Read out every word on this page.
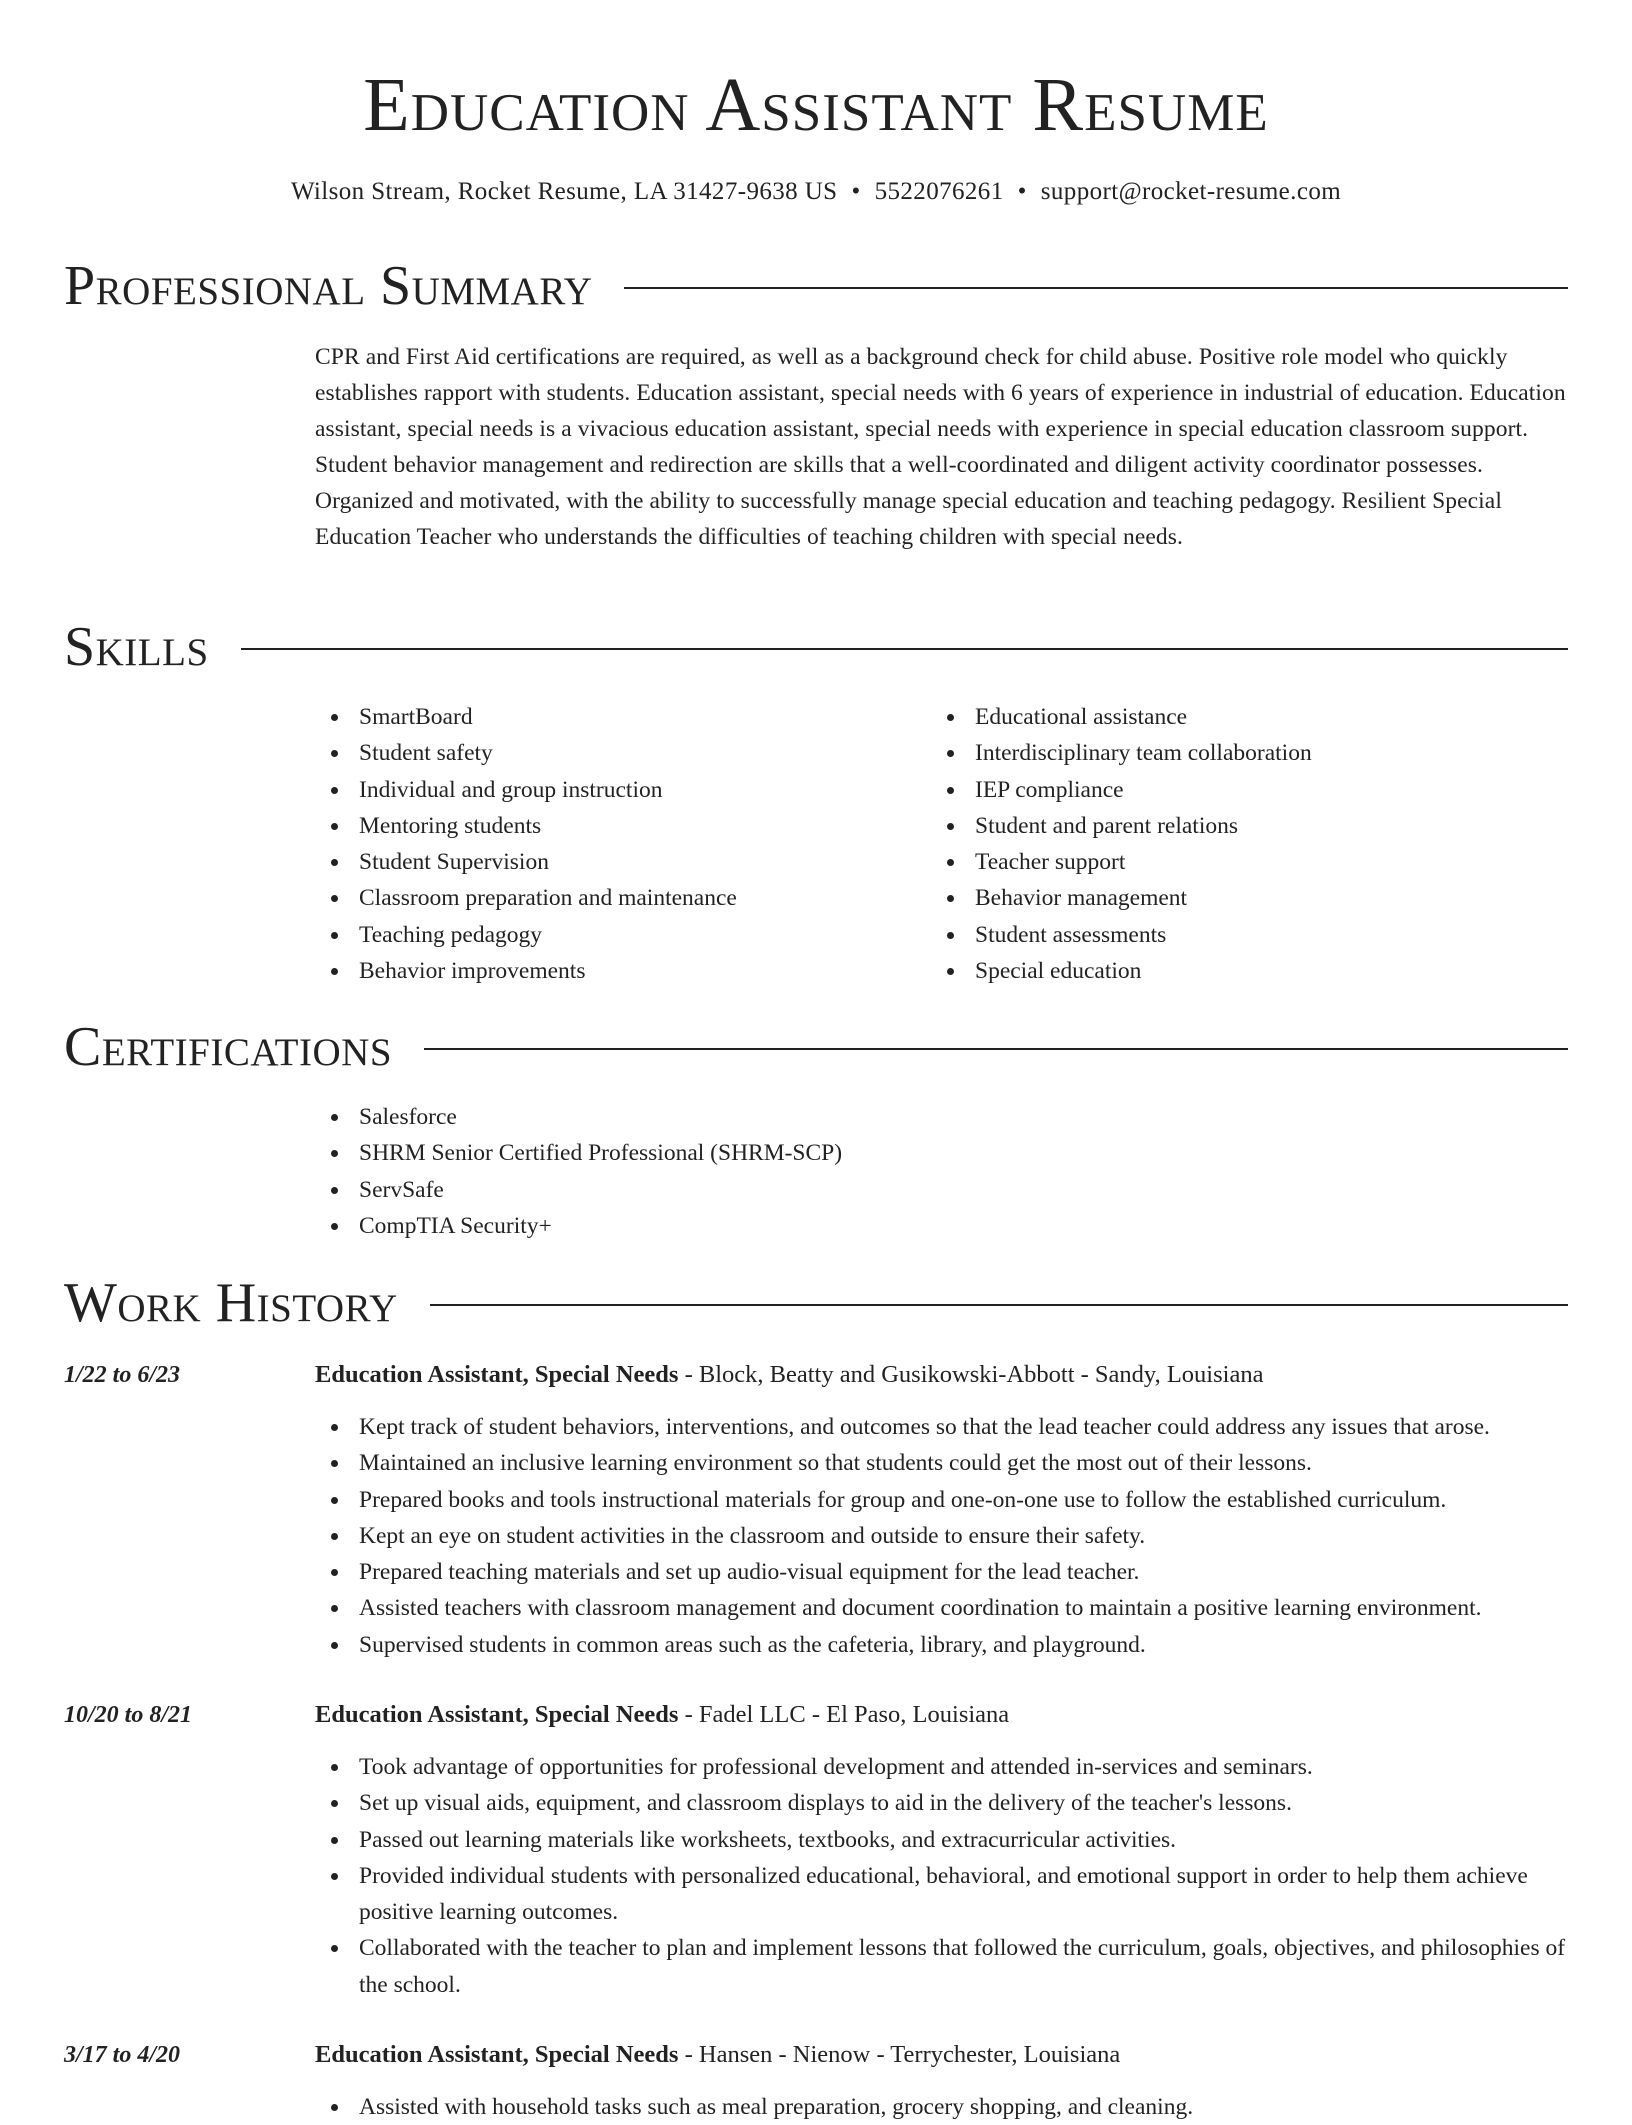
Education Assistant Resume
Wilson Stream, Rocket Resume, LA 31427-9638 US • 5522076261 • support@rocket-resume.com
Professional Summary

CPR and First Aid certifications are required, as well as a background check for child abuse. Positive role model who quickly establishes rapport with students. Education assistant, special needs with 6 years of experience in industrial of education. Education assistant, special needs is a vivacious education assistant, special needs with experience in special education classroom support. Student behavior management and redirection are skills that a well-coordinated and diligent activity coordinator possesses. Organized and motivated, with the ability to successfully manage special education and teaching pedagogy. Resilient Special Education Teacher who understands the difficulties of teaching children with special needs.

Skills
SmartBoard
Student safety
Individual and group instruction
Mentoring students
Student Supervision
Classroom preparation and maintenance
Teaching pedagogy
Behavior improvements
Educational assistance
Interdisciplinary team collaboration
IEP compliance
Student and parent relations
Teacher support
Behavior management
Student assessments
Special education
Certifications
Salesforce
SHRM Senior Certified Professional (SHRM-SCP)
ServSafe
CompTIA Security+
Work History
1/22 to 6/23	Education Assistant, Special Needs - Block, Beatty and Gusikowski-Abbott - Sandy, Louisiana
Kept track of student behaviors, interventions, and outcomes so that the lead teacher could address any issues that arose.
Maintained an inclusive learning environment so that students could get the most out of their lessons.
Prepared books and tools instructional materials for group and one-on-one use to follow the established curriculum.
Kept an eye on student activities in the classroom and outside to ensure their safety.
Prepared teaching materials and set up audio-visual equipment for the lead teacher.
Assisted teachers with classroom management and document coordination to maintain a positive learning environment.
Supervised students in common areas such as the cafeteria, library, and playground.
10/20 to 8/21	Education Assistant, Special Needs - Fadel LLC - El Paso, Louisiana
Took advantage of opportunities for professional development and attended in-services and seminars.
Set up visual aids, equipment, and classroom displays to aid in the delivery of the teacher's lessons.
Passed out learning materials like worksheets, textbooks, and extracurricular activities.
Provided individual students with personalized educational, behavioral, and emotional support in order to help them achieve positive learning outcomes.
Collaborated with the teacher to plan and implement lessons that followed the curriculum, goals, objectives, and philosophies of the school.
3/17 to 4/20	Education Assistant, Special Needs - Hansen - Nienow - Terrychester, Louisiana
Assisted with household tasks such as meal preparation, grocery shopping, and cleaning.
